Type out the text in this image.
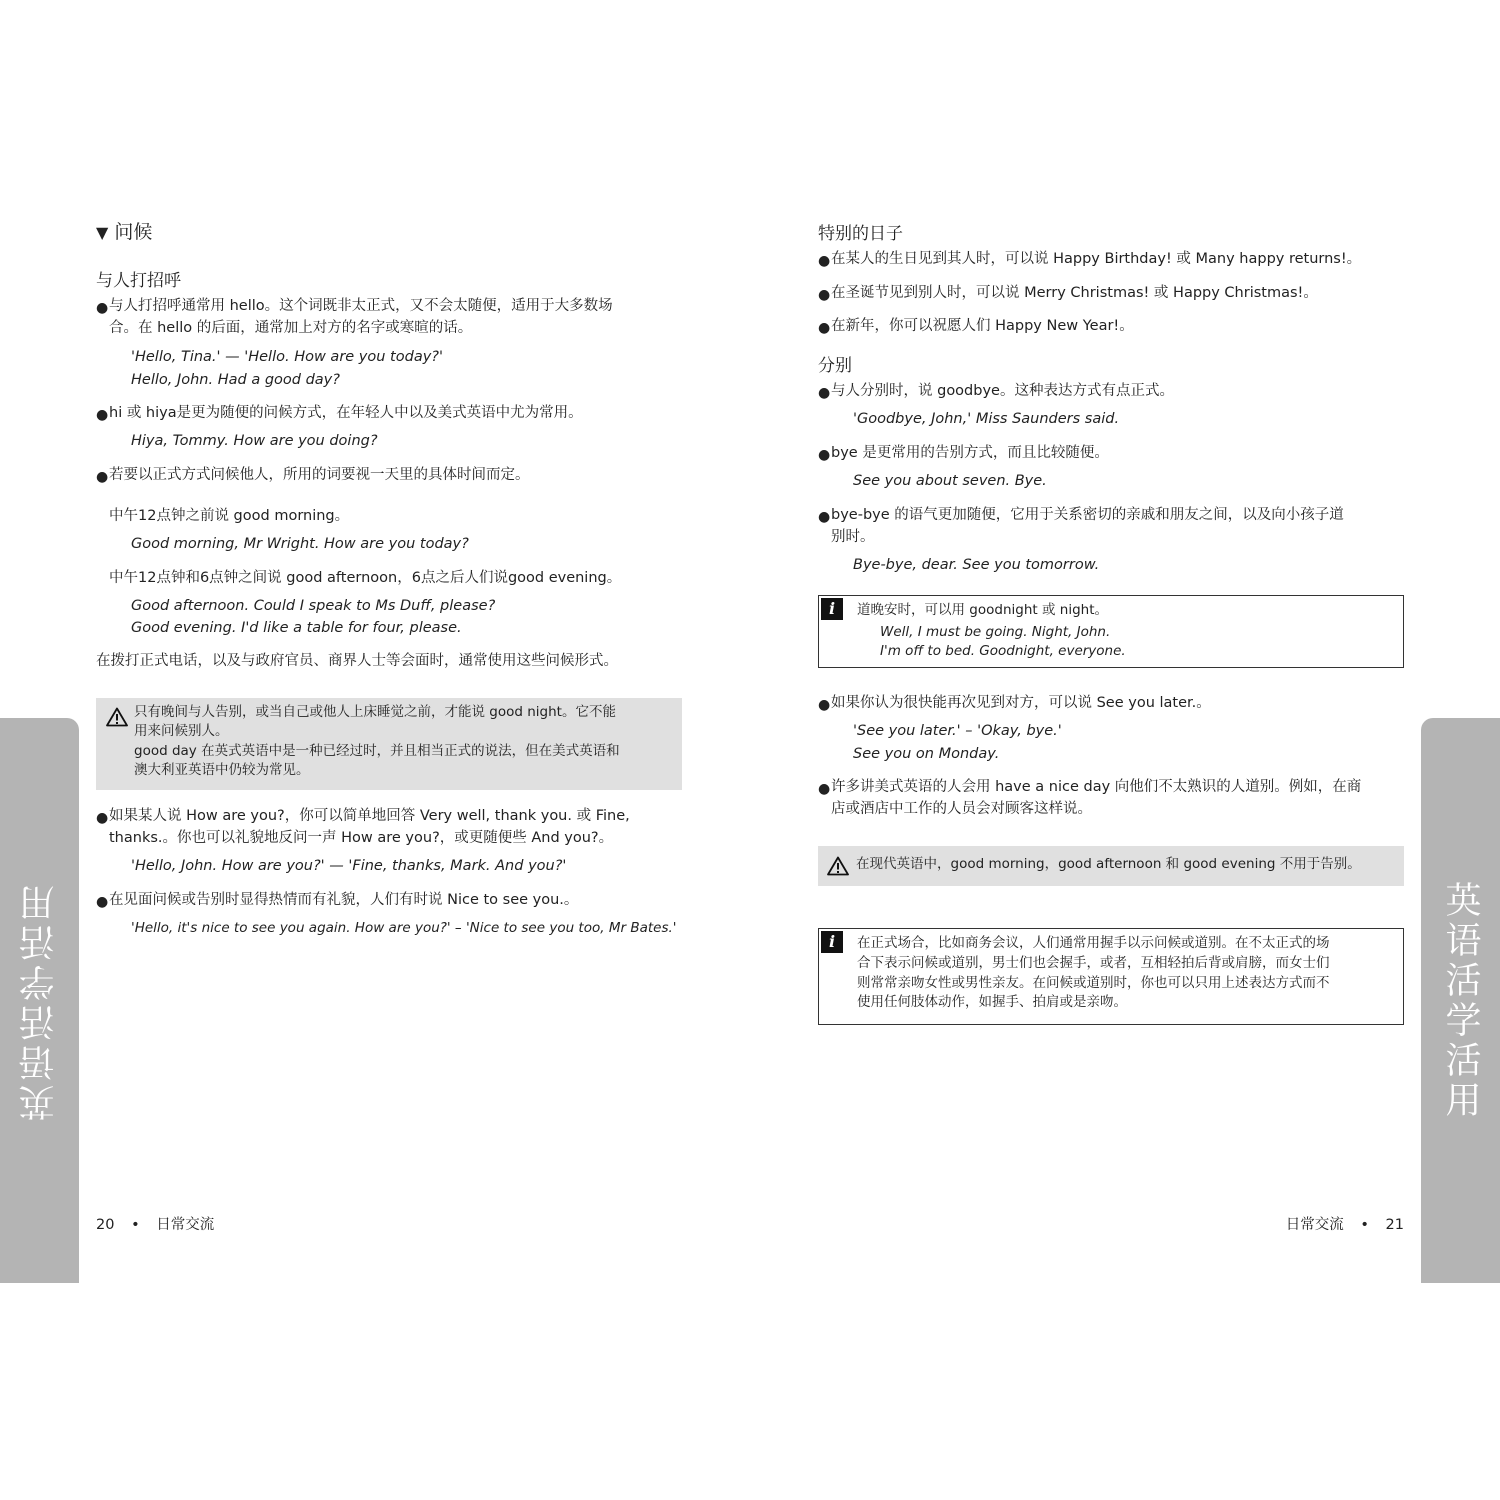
英语活学活用	英语活学活用
▼ 问候
与人打招呼
● 与人打招呼通常用 hello。这个词既非太正式，又不会太随便，适用于大多数场
合。在 hello 的后面，通常加上对方的名字或寒暄的话。
'Hello, Tina.' — 'Hello. How are you today?'
Hello, John. Had a good day?
● hi 或 hiya是更为随便的问候方式，在年轻人中以及美式英语中尤为常用。
Hiya, Tommy. How are you doing?
● 若要以正式方式问候他人，所用的词要视一天里的具体时间而定。
中午12点钟之前说 good morning。
Good morning, Mr Wright. How are you today?
中午12点钟和6点钟之间说 good afternoon，6点之后人们说good evening。
Good afternoon. Could I speak to Ms Duff, please?
Good evening. I'd like a table for four, please.
在拨打正式电话，以及与政府官员、商界人士等会面时，通常使用这些问候形式。
只有晚间与人告别，或当自己或他人上床睡觉之前，才能说 good night。它不能
用来问候别人。
good day 在英式英语中是一种已经过时，并且相当正式的说法，但在美式英语和
澳大利亚英语中仍较为常见。
● 如果某人说 How are you?，你可以简单地回答 Very well, thank you. 或 Fine,
thanks.。你也可以礼貌地反问一声 How are you?，或更随便些 And you?。
'Hello, John. How are you?' — 'Fine, thanks, Mark. And you?'
● 在见面问候或告别时显得热情而有礼貌，人们有时说 Nice to see you.。
'Hello, it's nice to see you again. How are you?' – 'Nice to see you too, Mr Bates.'
20 • 日常交流
特别的日子
● 在某人的生日见到其人时，可以说 Happy Birthday! 或 Many happy returns!。
● 在圣诞节见到别人时，可以说 Merry Christmas! 或 Happy Christmas!。
● 在新年，你可以祝愿人们 Happy New Year!。
分别
● 与人分别时，说 goodbye。这种表达方式有点正式。
'Goodbye, John,' Miss Saunders said.
● bye 是更常用的告别方式，而且比较随便。
See you about seven. Bye.
● bye-bye 的语气更加随便，它用于关系密切的亲戚和朋友之间，以及向小孩子道
别时。
Bye-bye, dear. See you tomorrow.
i	道晚安时，可以用 goodnight 或 night。
Well, I must be going. Night, John.
I'm off to bed. Goodnight, everyone.
● 如果你认为很快能再次见到对方，可以说 See you later.。
'See you later.' – 'Okay, bye.'
See you on Monday.
● 许多讲美式英语的人会用 have a nice day 向他们不太熟识的人道别。例如，在商
店或酒店中工作的人员会对顾客这样说。
在现代英语中，good morning，good afternoon 和 good evening 不用于告别。
i	在正式场合，比如商务会议，人们通常用握手以示问候或道别。在不太正式的场
合下表示问候或道别，男士们也会握手，或者，互相轻拍后背或肩膀，而女士们
则常常亲吻女性或男性亲友。在问候或道别时，你也可以只用上述表达方式而不
使用任何肢体动作，如握手、拍肩或是亲吻。
日常交流 • 21
